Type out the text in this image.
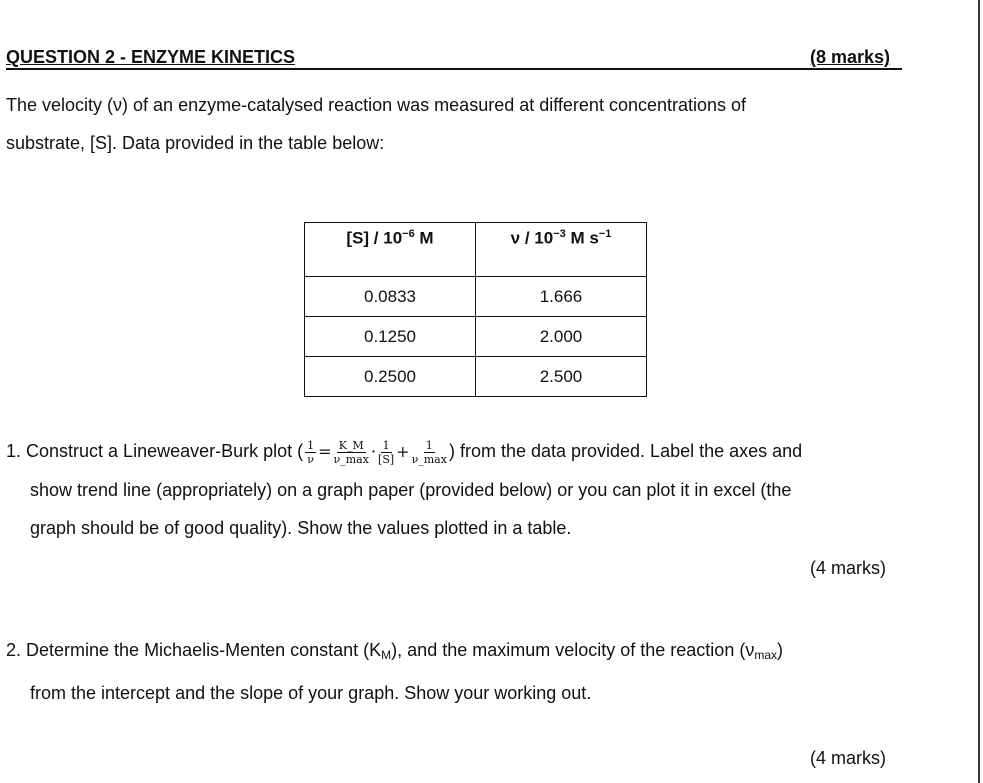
QUESTION 2 - ENZYME KINETICS	(8 marks)
The velocity (ν) of an enzyme-catalysed reaction was measured at different concentrations of
substrate, [S]. Data provided in the table below:
$[S] / 10^{-6}$ M	ν / $10^{-3}$ M $s^{-1}$
0.0833	1.666
0.1250	2.000
0.2500	2.500
1. Construct a Lineweaver-Burk plot ( $\frac{1}{\nu} = \frac{K\_M}{\nu\_\max} \cdot \frac{1}{[S]} + \frac{1}{\nu\_\max}$ ) from the data provided. Label the axes and
show trend line (appropriately) on a graph paper (provided below) or you can plot it in excel (the
graph should be of good quality). Show the values plotted in a table.
(4 marks)
2. Determine the Michaelis-Menten constant $(K_M)$, and the maximum velocity of the reaction $(\nu_{max})$
from the intercept and the slope of your graph. Show your working out.
(4 marks)
